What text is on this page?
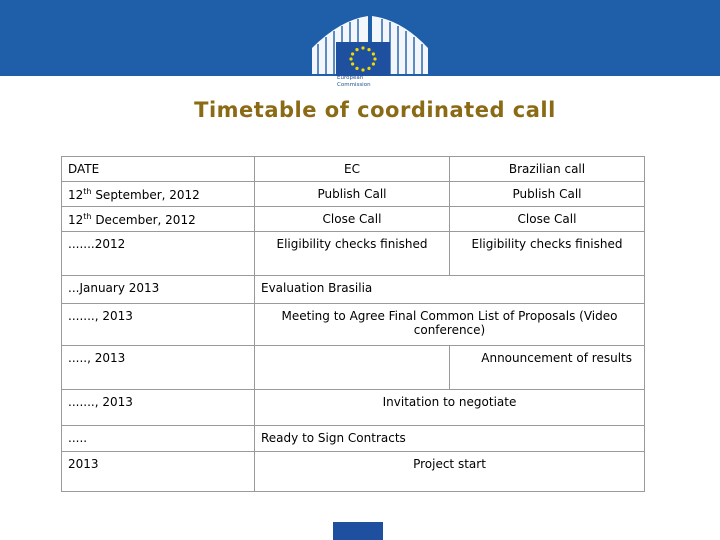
European Commission
Timetable of coordinated call
DATE	EC	Brazilian call
12th September, 2012	Publish Call	Publish Call
12th December, 2012	Close Call	Close Call
.......2012	Eligibility checks finished	Eligibility checks finished
...January 2013	Evaluation Brasilia	
......., 2013	Meeting to Agree Final Common List of Proposals (Video conference)	
....., 2013		Announcement of results
......., 2013	Invitation to negotiate	
.....	Ready to Sign Contracts	
2013	Project start	
